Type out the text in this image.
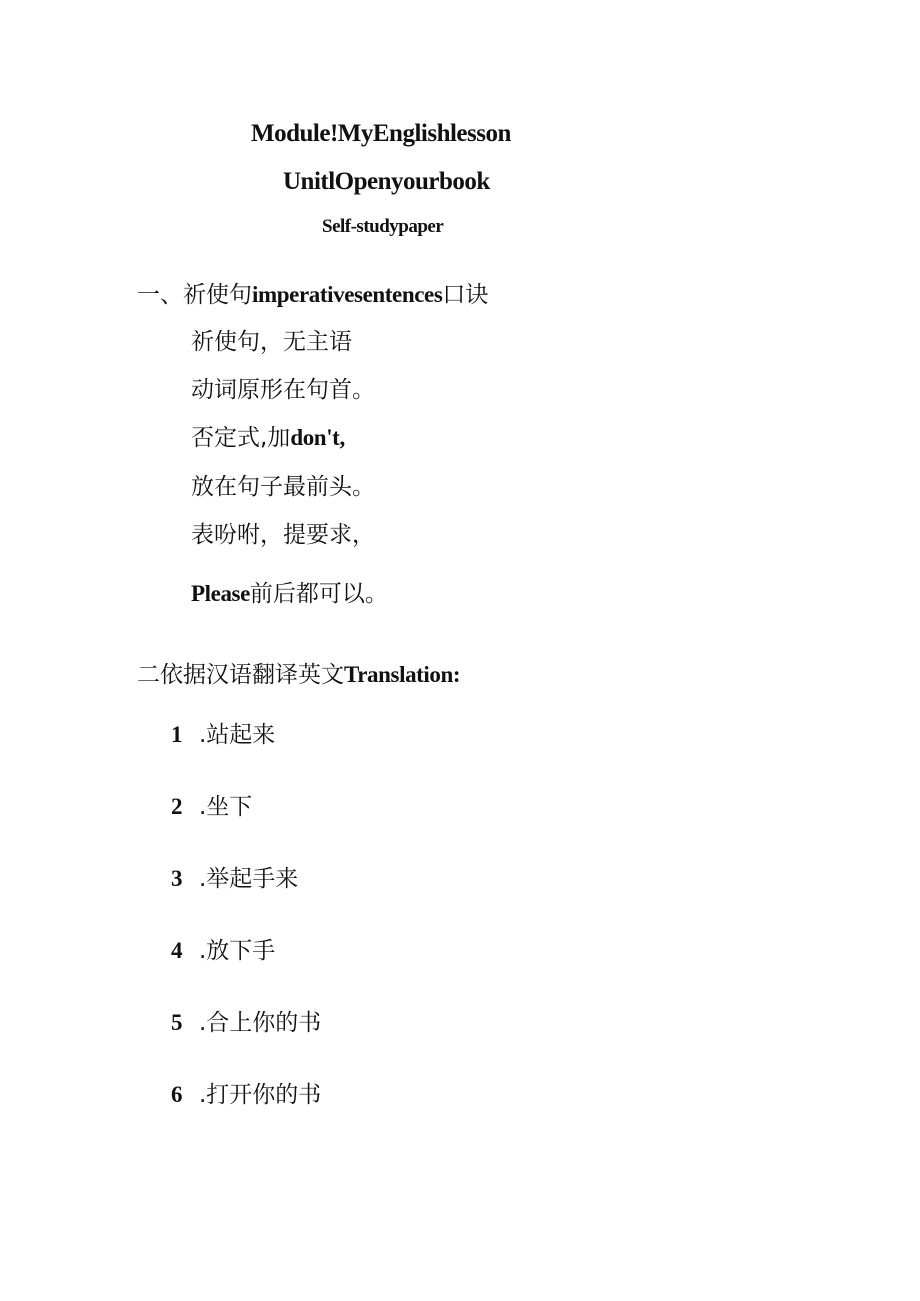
Module!MyEnglishlesson
UnitlOpenyourbook
Self-studypaper
一、祈使句imperativesentences口诀
祈使句，无主语
动词原形在句首。
否定式,加don't,
放在句子最前头。
表吩咐，提要求，
Please前后都可以。
二依据汉语翻译英文Translation:
1 .站起来
2 .坐下
3 .举起手来
4 .放下手
5 .合上你的书
6 .打开你的书
